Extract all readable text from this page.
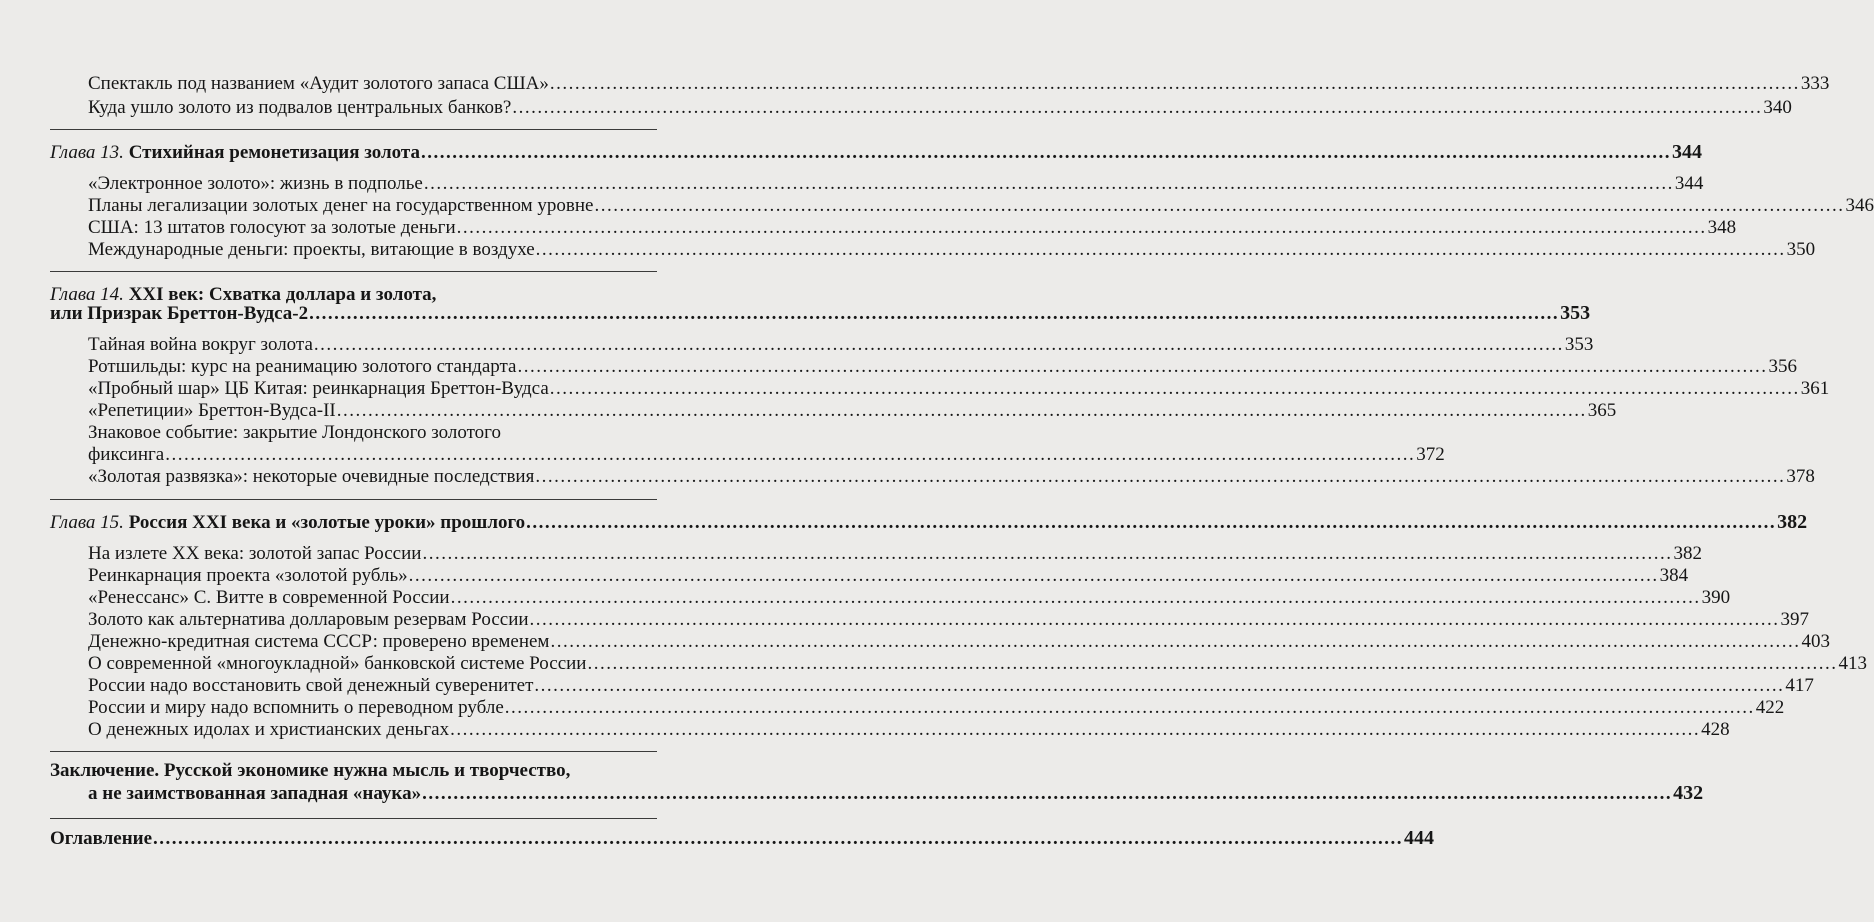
Спектакль под названием «Аудит золотого запаса США» .....	333
Куда ушло золото из подвалов центральных банков? .....	340
Глава 13. Стихийная ремонетизация золота .....	344
«Электронное золото»: жизнь в подполье .....	344
Планы легализации золотых денег на государственном уровне .....	346
США: 13 штатов голосуют за золотые деньги .....	348
Международные деньги: проекты, витающие в воздухе .....	350
Глава 14. XXI век: Схватка доллара и золота,
или Призрак Бреттон-Вудса-2 .....	353
Тайная война вокруг золота .....	353
Ротшильды: курс на реанимацию золотого стандарта .....	356
«Пробный шар» ЦБ Китая: реинкарнация Бреттон-Вудса .....	361
«Репетиции» Бреттон-Вудса-II .....	365
Знаковое событие: закрытие Лондонского золотого
фиксинга .....	372
«Золотая развязка»: некоторые очевидные последствия .....	378
Глава 15. Россия XXI века и «золотые уроки» прошлого .....	382
На излете XX века: золотой запас России .....	382
Реинкарнация проекта «золотой рубль» .....	384
«Ренессанс» С. Витте в современной России .....	390
Золото как альтернатива долларовым резервам России .....	397
Денежно-кредитная система СССР: проверено временем .....	403
О современной «многоукладной» банковской системе России .....	413
России надо восстановить свой денежный суверенитет .....	417
России и миру надо вспомнить о переводном рубле .....	422
О денежных идолах и христианских деньгах .....	428
Заключение. Русской экономике нужна мысль и творчество,
а не заимствованная западная «наука» .....	432
Оглавление .....	444
